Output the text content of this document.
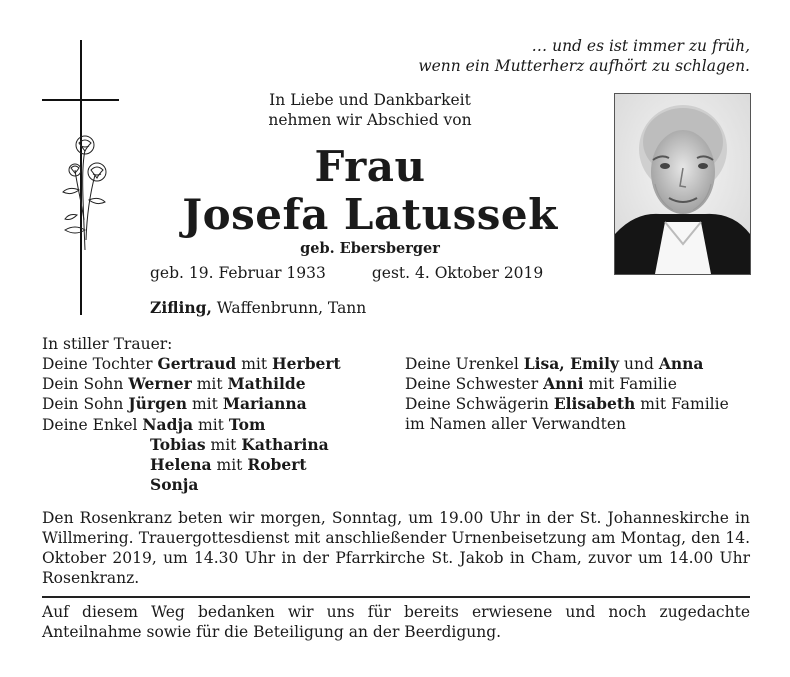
… und es ist immer zu früh,
wenn ein Mutterherz aufhört zu schlagen.
In Liebe und Dankbarkeit
nehmen wir Abschied von
Frau
Josefa Latussek
geb. Ebersberger
geb. 19. Februar 1933	gest. 4. Oktober 2019
Zifling, Waffenbrunn, Tann
In stiller Trauer:
Deine Tochter Gertraud mit Herbert
Dein Sohn Werner mit Mathilde
Dein Sohn Jürgen mit Marianna
Deine Enkel Nadja mit Tom
Tobias mit Katharina
Helena mit Robert
Sonja
Deine Urenkel Lisa, Emily und Anna
Deine Schwester Anni mit Familie
Deine Schwägerin Elisabeth mit Familie
im Namen aller Verwandten
Den Rosenkranz beten wir morgen, Sonntag, um 19.00 Uhr in der St. Johanneskirche in Willmering. Trauergottesdienst mit anschließender Urnenbeisetzung am Montag, den 14. Oktober 2019, um 14.30 Uhr in der Pfarrkirche St. Jakob in Cham, zuvor um 14.00 Uhr Rosenkranz.
Auf diesem Weg bedanken wir uns für bereits erwiesene und noch zugedachte Anteilnahme sowie für die Beteiligung an der Beerdigung.
